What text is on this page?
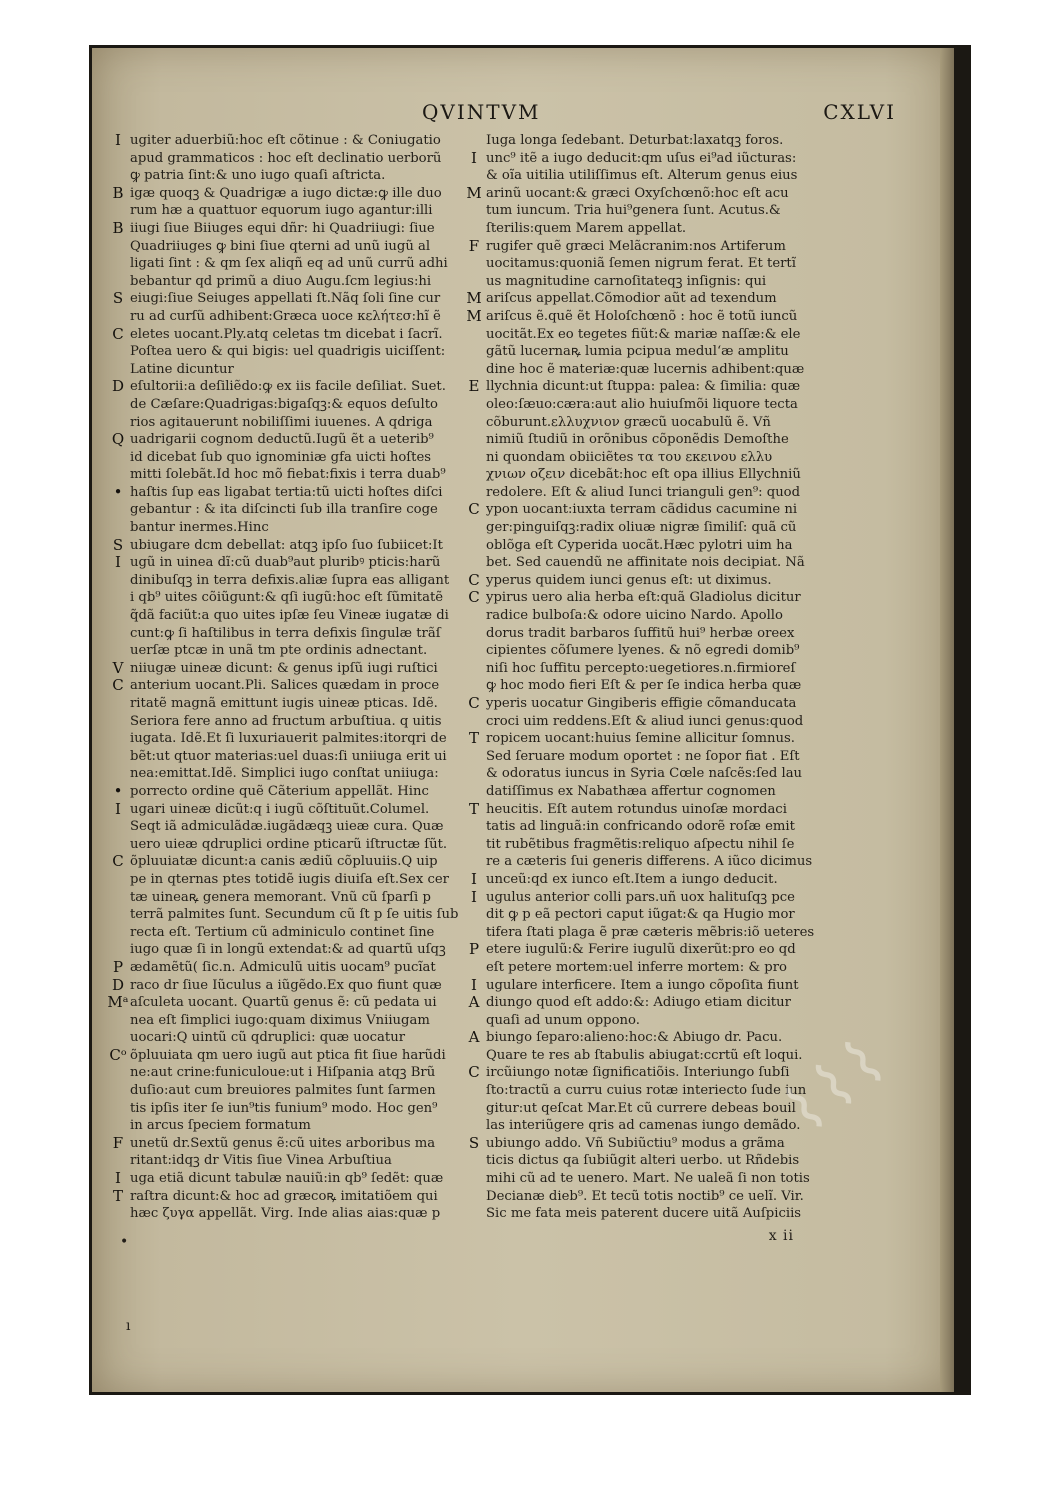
QVINTVM	CXLVI
I ugiter aduerbiũ:hoc eſt cõtinue : & Coniugatio
apud grammaticos : hoc eſt declinatio uerborũ
ꝙ patria ſint:& uno iugo quaſi aſtricta.
B igæ quoqꝫ & Quadrigæ a iugo dictæ:ꝙ ille duo
rum hæ a quattuor equorum iugo agantur:illi
B iiugi ſiue Biiuges equi dñr: hi Quadriiugi: ſiue
Quadriiuges ꝙ bini ſiue qterni ad unũ iugũ al
ligati ſint : & qm ſex aliqñ eq ad unũ currũ adhi
bebantur qd primũ a diuo Augu.ſcm legius:hi
S eiugi:ſiue Seiuges appellati ſt.Nãq ſoli ſine cur
ru ad curſũ adhibent:Græca uoce κελήτεσ:hĩ ẽ
C eletes uocant.Ply.atq celetas tm dicebat i ſacrĩ.
Poſtea uero & qui bigis: uel quadrigis uiciſſent:
Latine dicuntur
D eſultorii:a deſiliẽdo:ꝙ ex iis facile deſiliat. Suet.
de Cæſare:Quadrigas:bigaſqꝫ:& equos deſulto
rios agitauerunt nobiliſſimi iuuenes. A qdriga
Q uadrigarii cognom deductũ.Iugũ ẽt a ueterib⁹
id dicebat ſub quo ignominiæ gfa uicti hoſtes
mitti ſolebãt.Id hoc mõ fiebat:fixis i terra duab⁹
• haſtis ſup eas ligabat tertia:tũ uicti hoſtes diſci
gebantur : & ita diſcincti ſub illa tranſire coge
bantur inermes.Hinc
S ubiugare dcm debellat: atqꝫ ipſo ſuo ſubiicet:It
I ugũ in uinea dĩ:cũ duab⁹aut pluribꝰ pticis:harũ
dinibuſqꝫ in terra defixis.aliæ ſupra eas alligant
i qb⁹ uites cõiũgunt:& qſi iugũ:hoc eſt ſũmitatẽ
q̃dã faciũt:a quo uites ipſæ ſeu Vineæ iugatæ di
cunt:ꝙ ſi haſtilibus in terra defixis ſingulæ trãſ
uerſæ ptcæ in unã tm pte ordinis adnectant.
V niiugæ uineæ dicunt: & genus ipſũ iugi ruſtici
C anterium uocant.Pli. Salices quædam in proce
ritatẽ magnã emittunt iugis uineæ pticas. Idẽ.
Seriora fere anno ad fructum arbuſtiua. q uitis
iugata. Idẽ.Et ſi luxuriauerit palmites:itorqri de
bẽt:ut qtuor materias:uel duas:ſi uniiuga erit ui
nea:emittat.Idẽ. Simplici iugo conſtat uniiuga:
• porrecto ordine quẽ Cãterium appellãt. Hinc
I ugari uineæ dicũt:q i iugũ cõſtituũt.Columel.
Seqt iã admiculãdæ.iugãdæqꝫ uieæ cura. Quæ
uero uieæ qdruplici ordine pticarũ iſtructæ ſũt.
C õpluuiatæ dicunt:a canis ædiũ cõpluuiis.Q uip
pe in qternas ptes totidẽ iugis diuiſa eſt.Sex cer
tæ uineaꝶ genera memorant. Vnũ cũ ſparſi p
terrã palmites ſunt. Secundum cũ ſt p ſe uitis ſub
recta eſt. Tertium cũ adminiculo continet ſine
iugo quæ ſi in longũ extendat:& ad quartũ uſqꝫ
P ædamẽtũ( ſic.n. Admiculũ uitis uocam⁹ pucĩat
D raco dr ſiue Iũculus a iũgẽdo.Ex quo fiunt quæ
Mᵃ aſculeta uocant. Quartũ genus ẽ: cũ pedata ui
nea eſt ſimplici iugo:quam diximus Vniiugam
uocari:Q uintũ cũ qdruplici: quæ uocatur
Cᵒ õpluuiata qm uero iugũ aut ptica fit ſiue harũdi
ne:aut crine:funiculoue:ut i Hiſpania atqꝫ Brũ
duſio:aut cum breuiores palmites ſunt ſarmen
tis ipſis iter ſe iun⁹tis funium⁹ modo. Hoc gen⁹
in arcus ſpeciem formatum
F unetũ dr.Sextũ genus ẽ:cũ uites arboribus ma
ritant:idqꝫ dr Vitis ſiue Vinea Arbuſtiua
I uga etiã dicunt tabulæ nauiũ:in qb⁹ ſedẽt: quæ
T raſtra dicunt:& hoc ad græcoꝶ imitatiõem qui
hæc ζυγα appellãt. Virg. Inde alias aias:quæ p
Iuga longa ſedebant. Deturbat:laxatqꝫ foros.
I unc⁹ itẽ a iugo deducit:qm uſus ei⁹ad iũcturas:
& oĩa uitilia utiliſſimus eſt. Alterum genus eius
M arinũ uocant:& græci Oxyſchœnõ:hoc eſt acu
tum iuncum. Tria hui⁹genera ſunt. Acutus.&
ſterilis:quem Marem appellat.
F rugifer quẽ græci Melãcranim:nos Artiferum
uocitamus:quoniã ſemen nigrum ferat. Et tertĩ
us magnitudine carnoſitateqꝫ inſignis: qui
M ariſcus appellat.Cõmodior aũt ad texendum
M ariſcus ẽ.quẽ ẽt Holoſchœnõ : hoc ẽ totũ iuncũ
uocitãt.Ex eo tegetes fiũt:& mariæ naſſæ:& ele
gãtũ lucernaꝶ lumia pcipua medul‘æ amplitu
dine hoc ẽ materiæ:quæ lucernis adhibent:quæ
E llychnia dicunt:ut ſtuppa: palea: & ſimilia: quæ
oleo:ſæuo:cæra:aut alio huiuſmõi liquore tecta
cõburunt.ελλυχνιον græcũ uocabulũ ẽ. Vñ
nimiũ ſtudiũ in orõnibus cõponẽdis Demoſthe
ni quondam obiiciẽtes τα του εκεινου ελλυ
χνιων οζειν dicebãt:hoc eſt opa illius Ellychniũ
redolere. Eſt & aliud Iunci trianguli gen⁹: quod
C ypon uocant:iuxta terram cãdidus cacumine ni
ger:pinguiſqꝫ:radix oliuæ nigræ ſimiliſ: quã cũ
oblõga eſt Cyperida uocãt.Hæc pylotri uim ha
bet. Sed cauendũ ne affinitate nois decipiat. Nã
C yperus quidem iunci genus eſt: ut diximus.
C ypirus uero alia herba eſt:quã Gladiolus dicitur
radice bulboſa:& odore uicino Nardo. Apollo
dorus tradit barbaros ſuffitũ hui⁹ herbæ oreex
cipientes cõſumere lyenes. & nõ egredi domib⁹
niſi hoc ſuffitu percepto:uegetiores.n.firmioreſ
ꝙ hoc modo fieri Eſt & per ſe indica herba quæ
C yperis uocatur Gingiberis effigie cõmanducata
croci uim reddens.Eſt & aliud iunci genus:quod
T ropicem uocant:huius ſemine allicitur ſomnus.
Sed ſeruare modum oportet : ne ſopor fiat . Eſt
& odoratus iuncus in Syria Cœle naſcẽs:ſed lau
datiſſimus ex Nabathæa affertur cognomen
T heucitis. Eſt autem rotundus uinoſæ mordaci
tatis ad linguã:in confricando odorẽ roſæ emit
tit rubẽtibus fragmẽtis:reliquo aſpectu nihil ſe
re a cæteris ſui generis differens. A iũco dicimus
I unceũ:qd ex iunco eſt.Item a iungo deducit.
I ugulus anterior colli pars.uñ uox halituſqꝫ pce
dit ꝙ p eã pectori caput iũgat:& qa Hugio mor
tifera ſtati plaga ẽ præ cæteris mẽbris:iõ ueteres
P etere iugulũ:& Ferire iugulũ dixerũt:pro eo qd
eſt petere mortem:uel inferre mortem: & pro
I ugulare interficere. Item a iungo cõpoſita fiunt
A diungo quod eſt addo:&: Adiugo etiam dicitur
quaſi ad unum oppono.
A biungo ſeparo:alieno:hoc:& Abiugo dr. Pacu.
Quare te res ab ſtabulis abiugat:ccrtũ eſt loqui.
C ircũiungo notæ ſignificatiõis. Interiungo ſubſi
ſto:tractũ a curru cuius rotæ interiecto ſude iun
gitur:ut qeſcat Mar.Et cũ currere debeas bouil
las interiũgere qris ad camenas iungo demãdo.
S ubiungo addo. Vñ Subiũctiu⁹ modus a grãma
ticis dictus qa ſubiũgit alteri uerbo. ut Rñdebis
mihi cũ ad te uenero. Mart. Ne ualeã ſi non totis
Decianæ dieb⁹. Et tecũ totis noctib⁹ ce uelĩ. Vir.
Sic me fata meis paterent ducere uitã Auſpiciis
x ii
•
ı
⌇⌇⌇
